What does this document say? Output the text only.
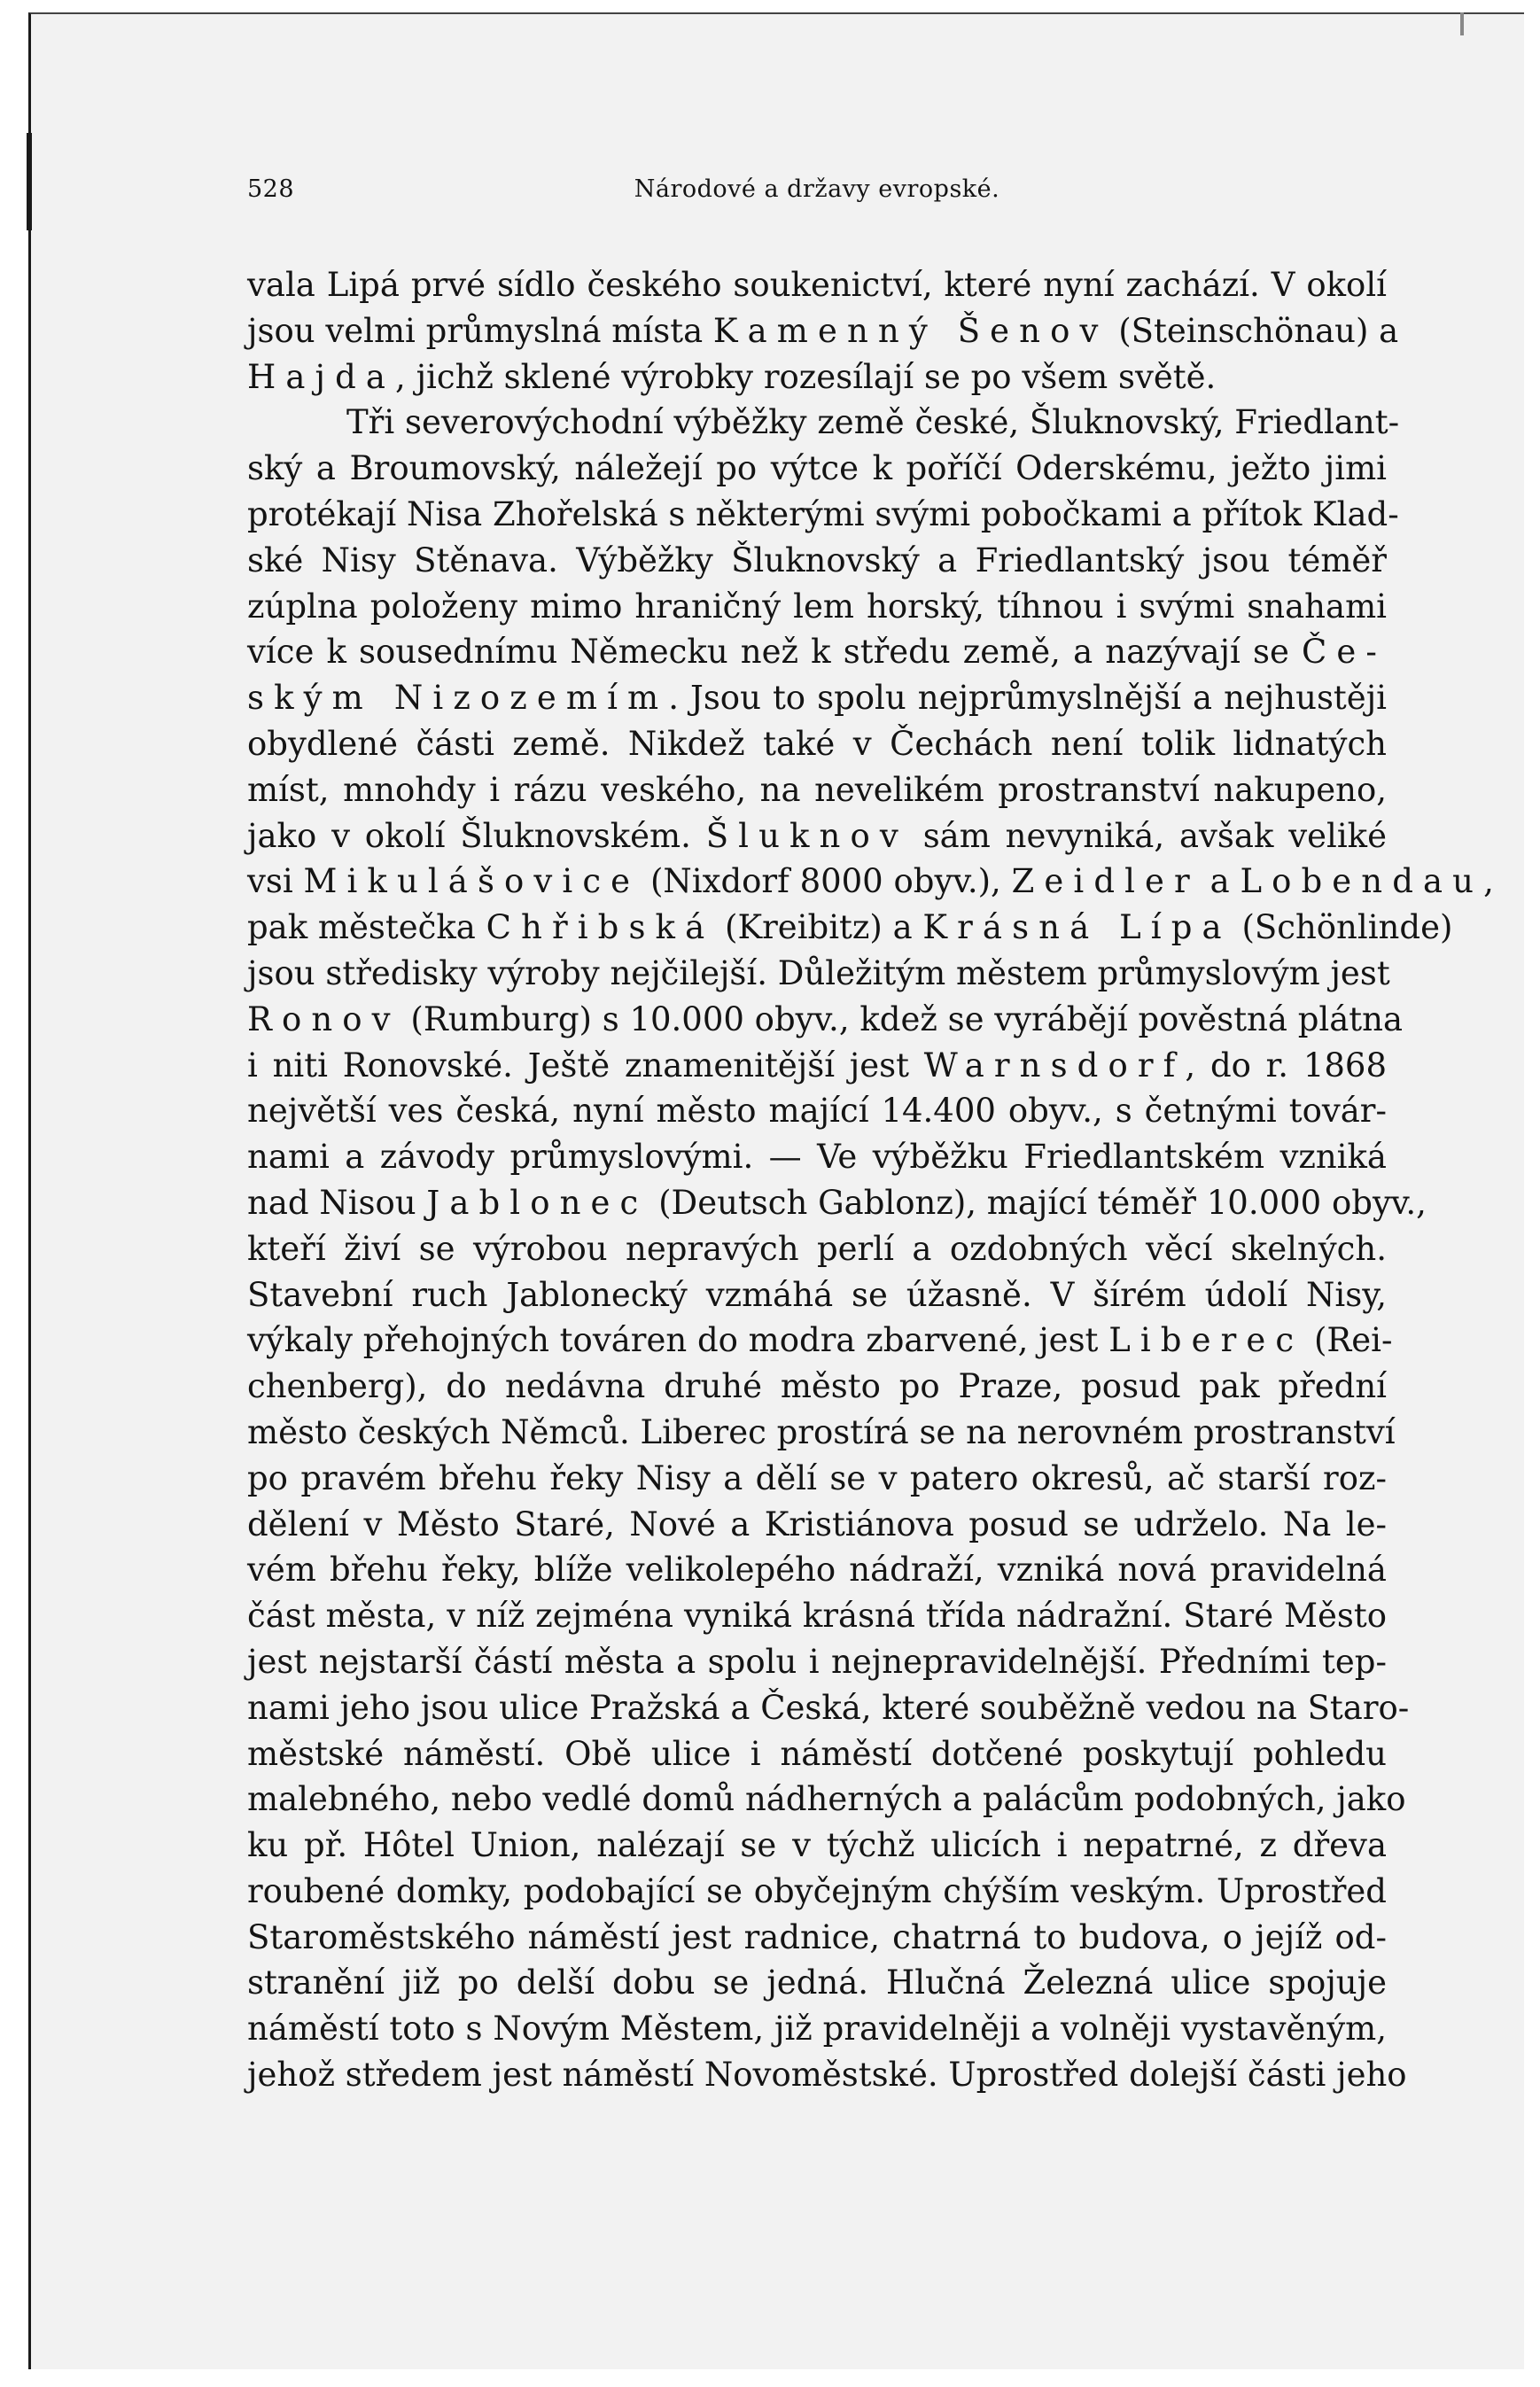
528	Národové a državy evropské.
vala Lipá prvé sídlo českého soukenictví, které nyní zachází. V okolí
jsou velmi průmyslná místa Kamenný Šenov (Steinschönau) a
Hajda, jichž sklené výrobky rozesílají se po všem světě.
Tři severovýchodní výběžky země české, Šluknovský, Friedlant-
ský a Broumovský, náležejí po výtce k poříčí Oderskému, ježto jimi
protékají Nisa Zhořelská s některými svými pobočkami a přítok Klad-
ské Nisy Stěnava. Výběžky Šluknovský a Friedlantský jsou téměř
zúplna položeny mimo hraničný lem horský, tíhnou i svými snahami
více k sousednímu Německu než k středu země, a nazývají se Če-
ským Nizozemím. Jsou to spolu nejprůmyslnější a nejhustěji
obydlené části země. Nikdež také v Čechách není tolik lidnatých
míst, mnohdy i rázu veského, na nevelikém prostranství nakupeno,
jako v okolí Šluknovském. Šluknov sám nevyniká, avšak veliké
vsi Mikulášovice (Nixdorf 8000 obyv.), Zeidler a Lobendau,
pak městečka Chřibská (Kreibitz) a Krásná Lípa (Schönlinde)
jsou středisky výroby nejčilejší. Důležitým městem průmyslovým jest
Ronov (Rumburg) s 10.000 obyv., kdež se vyrábějí pověstná plátna
i niti Ronovské. Ještě znamenitější jest Warnsdorf, do r. 1868
největší ves česká, nyní město mající 14.400 obyv., s četnými továr-
nami a závody průmyslovými. — Ve výběžku Friedlantském vzniká
nad Nisou Jablonec (Deutsch Gablonz), mající téměř 10.000 obyv.,
kteří živí se výrobou nepravých perlí a ozdobných věcí skelných.
Stavební ruch Jablonecký vzmáhá se úžasně. V šírém údolí Nisy,
výkaly přehojných továren do modra zbarvené, jest Liberec (Rei-
chenberg), do nedávna druhé město po Praze, posud pak přední
město českých Němců. Liberec prostírá se na nerovném prostranství
po pravém břehu řeky Nisy a dělí se v patero okresů, ač starší roz-
dělení v Město Staré, Nové a Kristiánova posud se udrželo. Na le-
vém břehu řeky, blíže velikolepého nádraží, vzniká nová pravidelná
část města, v níž zejména vyniká krásná třída nádražní. Staré Město
jest nejstarší částí města a spolu i nejnepravidelnější. Předními tep-
nami jeho jsou ulice Pražská a Česká, které souběžně vedou na Staro-
městské náměstí. Obě ulice i náměstí dotčené poskytují pohledu
malebného, nebo vedlé domů nádherných a palácům podobných, jako
ku př. Hôtel Union, nalézají se v týchž ulicích i nepatrné, z dřeva
roubené domky, podobající se obyčejným chýším veským. Uprostřed
Staroměstského náměstí jest radnice, chatrná to budova, o jejíž od-
stranění již po delší dobu se jedná. Hlučná Železná ulice spojuje
náměstí toto s Novým Městem, již pravidelněji a volněji vystavěným,
jehož středem jest náměstí Novoměstské. Uprostřed dolejší části jeho
